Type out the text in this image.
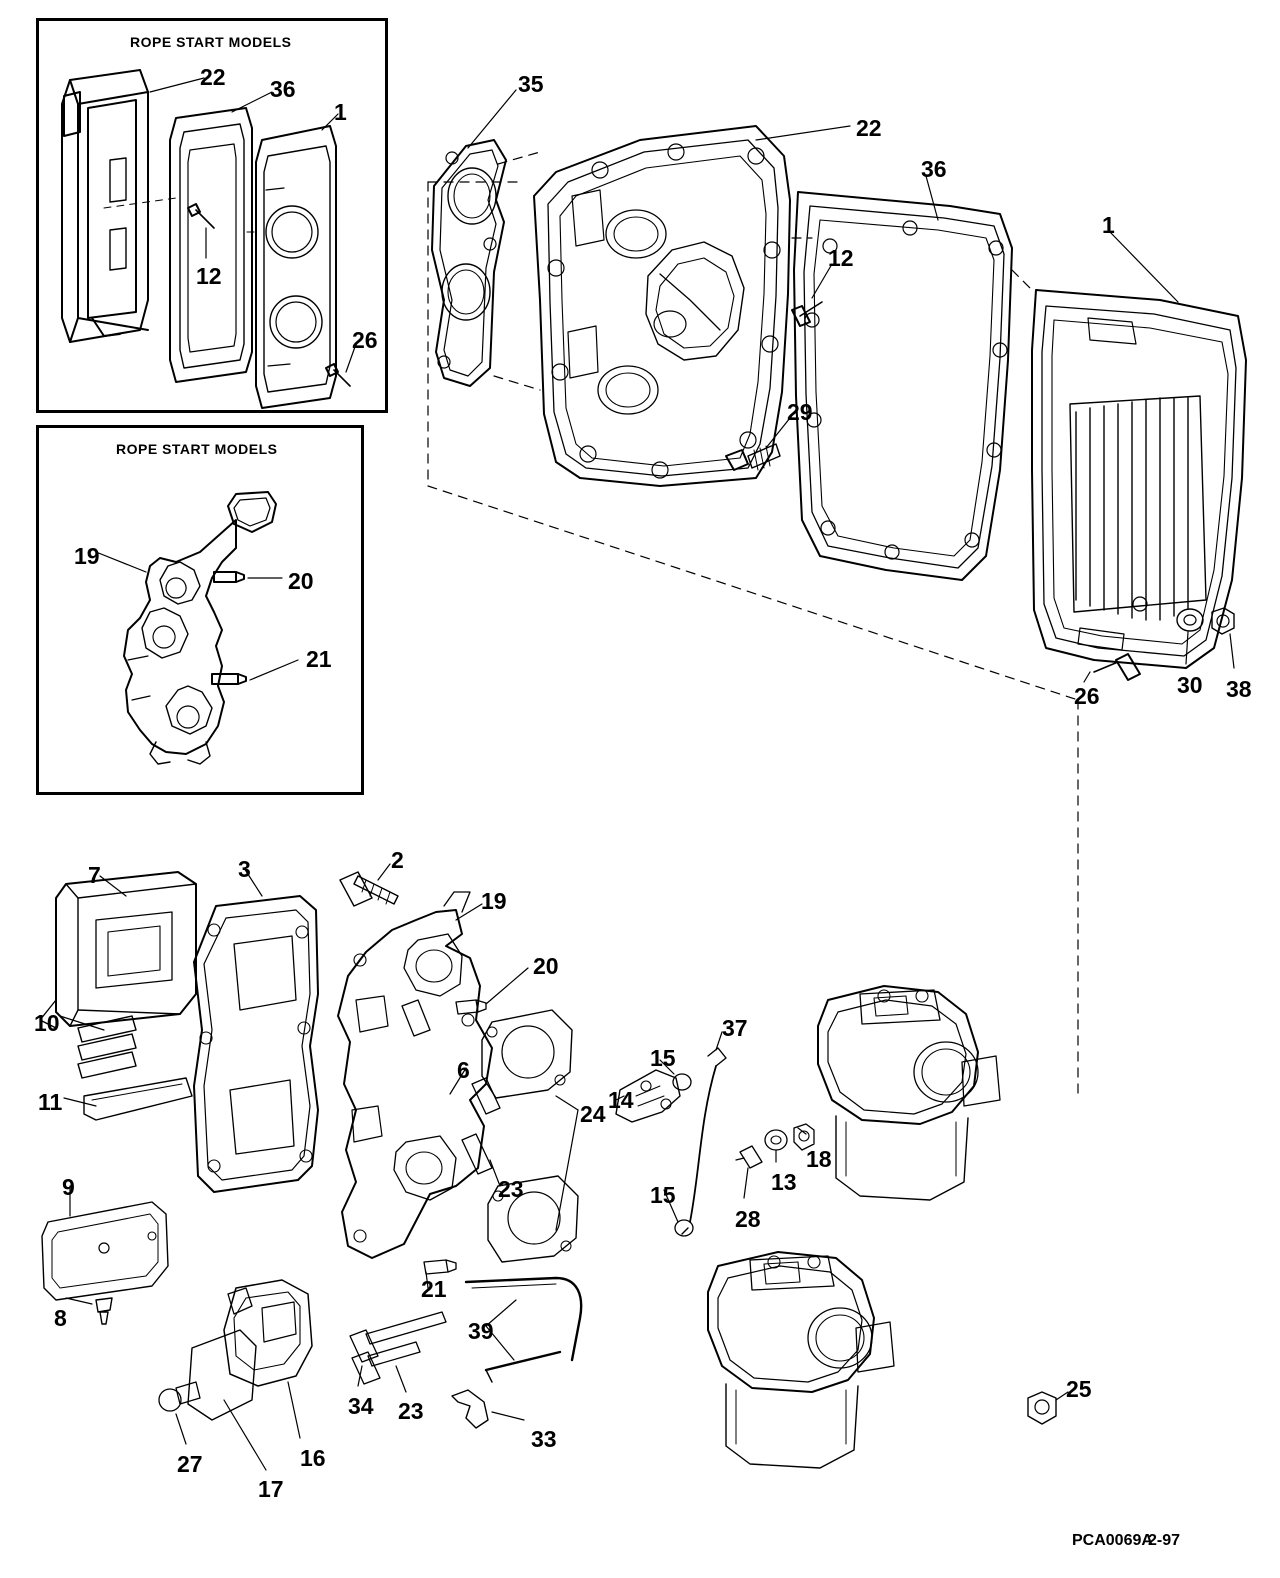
ROPE START MODELS
ROPE START MODELS
22 36
1
12
26
19
20
21
35
22
36
1
12
29
26	30 38
7	3	2
19
20
10
11
6
14
15
37
24
18
13
23
9	15
28
8
21
39
25
34 23
33
27	16
17
PCA0069A
2-97
